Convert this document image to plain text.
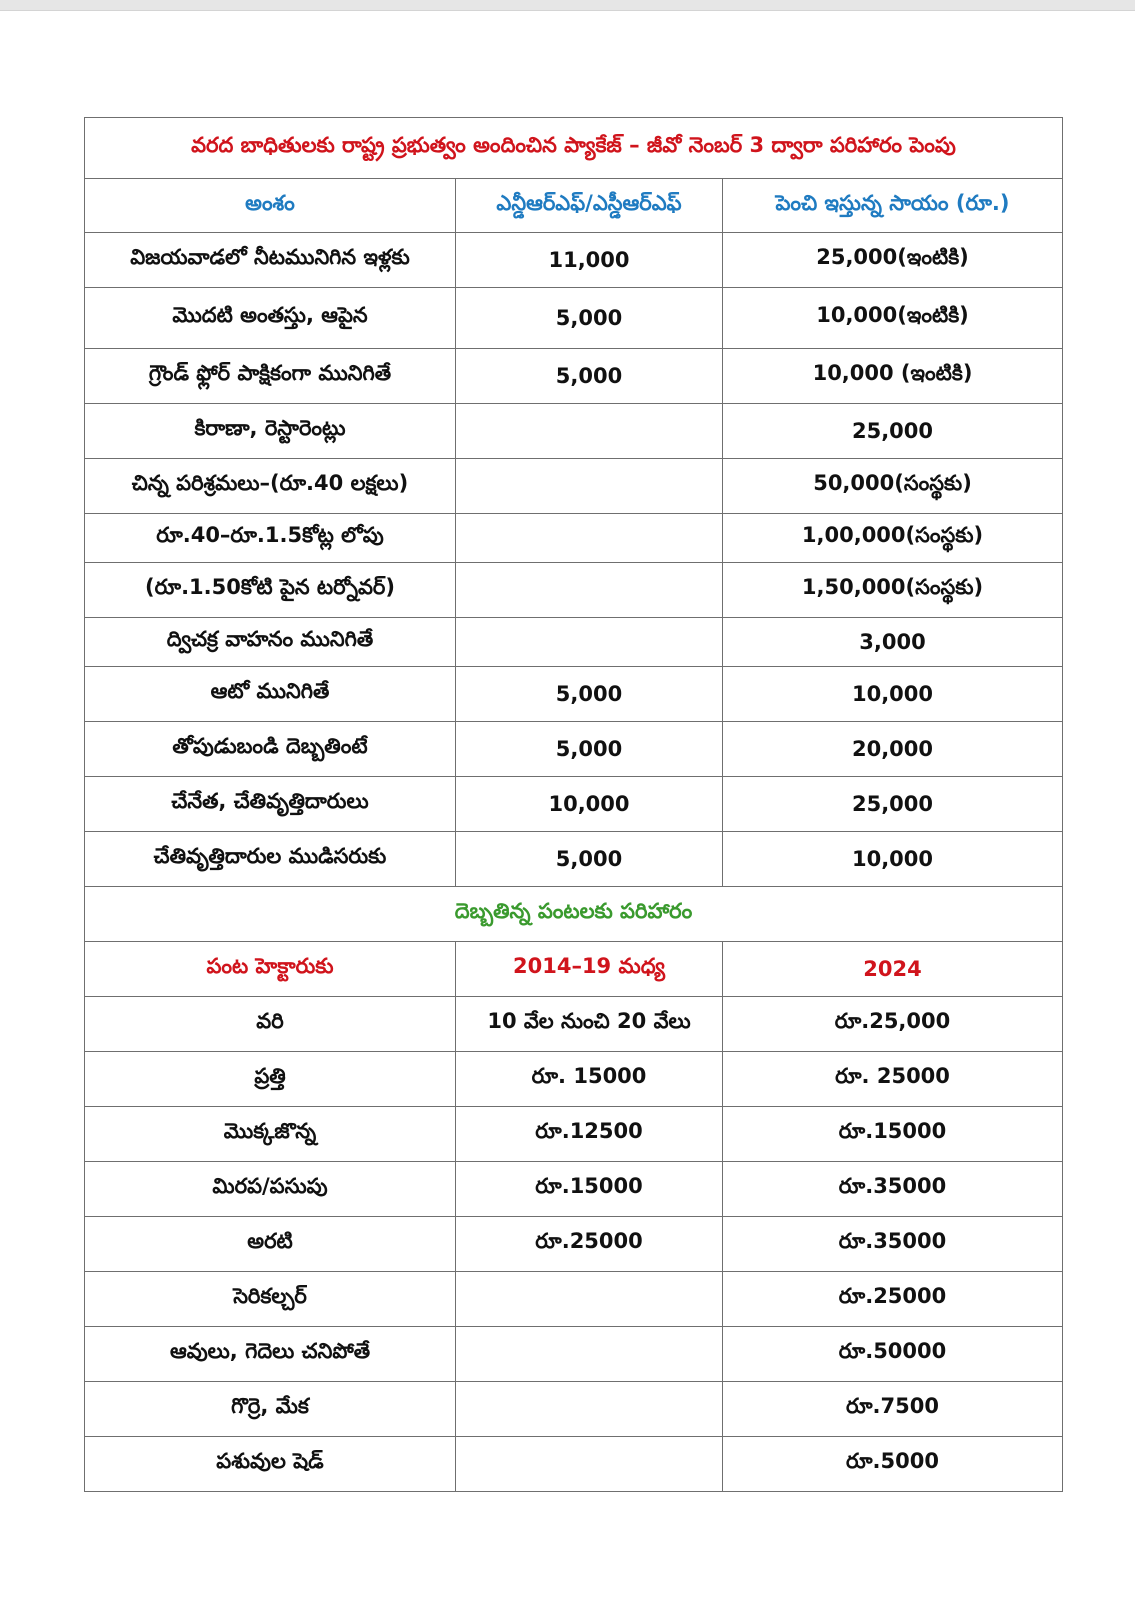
వరద బాధితులకు రాష్ట్ర ప్రభుత్వం అందించిన ప్యాకేజ్ – జీవో నెంబర్ 3 ద్వారా పరిహారం పెంపు		
అంశం	ఎన్డీఆర్ఎఫ్/ఎస్డీఆర్ఎఫ్	పెంచి ఇస్తున్న సాయం (రూ.)
విజయవాడలో నీటమునిగిన ఇళ్లకు	11,000	25,000(ఇంటికి)
మొదటి అంతస్తు, ఆపైన	5,000	10,000(ఇంటికి)
గ్రౌండ్ ఫ్లోర్ పాక్షికంగా మునిగితే	5,000	10,000 (ఇంటికి)
కిరాణా, రెస్టారెంట్లు		25,000
చిన్న పరిశ్రమలు–(రూ.40 లక్షలు)		50,000(సంస్థకు)
రూ.40–రూ.1.5కోట్ల లోపు		1,00,000(సంస్థకు)
(రూ.1.50కోటి పైన టర్నోవర్)		1,50,000(సంస్థకు)
ద్విచక్ర వాహనం మునిగితే		3,000
ఆటో మునిగితే	5,000	10,000
తోపుడుబండి దెబ్బతింటే	5,000	20,000
చేనేత, చేతివృత్తిదారులు	10,000	25,000
చేతివృత్తిదారుల ముడిసరుకు	5,000	10,000
దెబ్బతిన్న పంటలకు పరిహారం		
పంట హెక్టారుకు	2014–19 మధ్య	2024
వరి	10 వేల నుంచి 20 వేలు	రూ.25,000
ప్రత్తి	రూ. 15000	రూ. 25000
మొక్కజొన్న	రూ.12500	రూ.15000
మిరప/పసుపు	రూ.15000	రూ.35000
అరటి	రూ.25000	రూ.35000
సెరికల్చర్		రూ.25000
ఆవులు, గెదెలు చనిపోతే		రూ.50000
గొర్రె, మేక		రూ.7500
పశువుల షెడ్		రూ.5000
